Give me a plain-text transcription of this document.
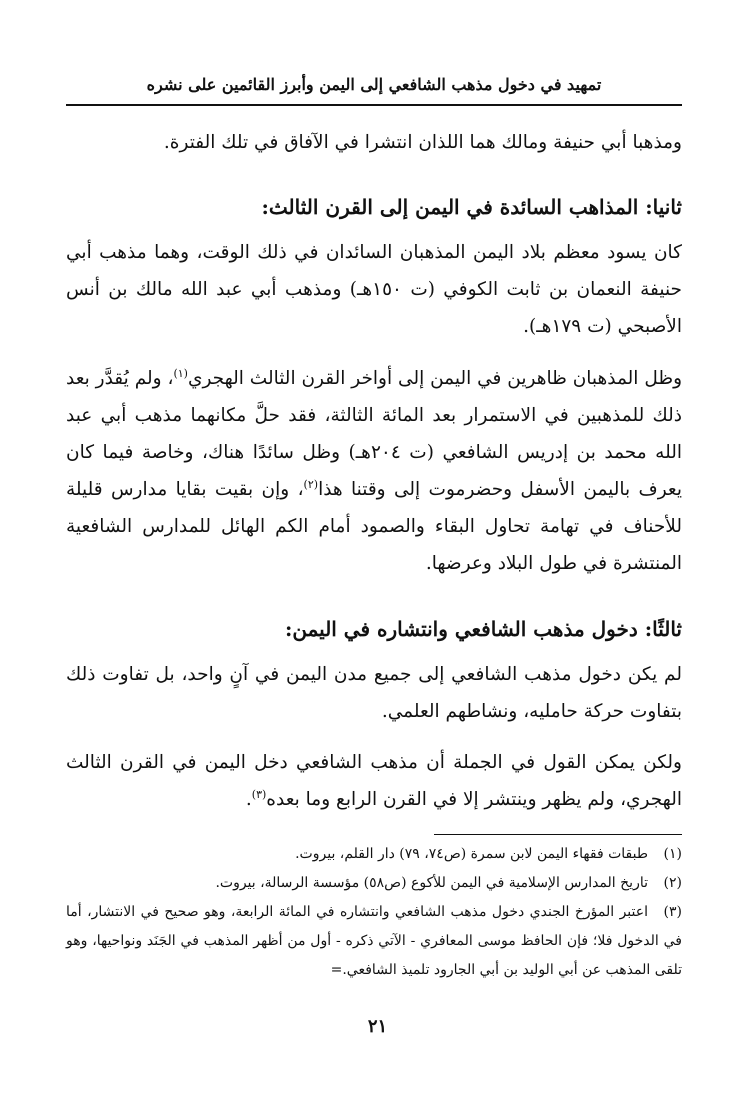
تمهيد في دخول مذهب الشافعي إلى اليمن وأبرز القائمين على نشره

ومذهبا أبي حنيفة ومالك هما اللذان انتشرا في الآفاق في تلك الفترة.

ثانيا: المذاهب السائدة في اليمن إلى القرن الثالث:

كان يسود معظم بلاد اليمن المذهبان السائدان في ذلك الوقت، وهما مذهب أبي حنيفة النعمان بن ثابت الكوفي (ت ١٥٠هـ) ومذهب أبي عبد الله مالك بن أنس الأصبحي (ت ١٧٩هـ).

وظل المذهبان ظاهرين في اليمن إلى أواخر القرن الثالث الهجري$^{(١)}$، ولم يُقدَّر بعد ذلك للمذهبين في الاستمرار بعد المائة الثالثة، فقد حلَّ مكانهما مذهب أبي عبد الله محمد بن إدريس الشافعي (ت ٢٠٤هـ) وظل سائدًا هناك، وخاصة فيما كان يعرف باليمن الأسفل وحضرموت إلى وقتنا هذا$^{(٢)}$، وإن بقيت بقايا مدارس قليلة للأحناف في تهامة تحاول البقاء والصمود أمام الكم الهائل للمدارس الشافعية المنتشرة في طول البلاد وعرضها.

ثالثًا: دخول مذهب الشافعي وانتشاره في اليمن:

لم يكن دخول مذهب الشافعي إلى جميع مدن اليمن في آنٍ واحد، بل تفاوت ذلك بتفاوت حركة حامليه، ونشاطهم العلمي.

ولكن يمكن القول في الجملة أن مذهب الشافعي دخل اليمن في القرن الثالث الهجري، ولم يظهر وينتشر إلا في القرن الرابع وما بعده$^{(٣)}$.

(١)طبقات فقهاء اليمن لابن سمرة (ص٧٤، ٧٩) دار القلم، بيروت.

(٢)تاريخ المدارس الإسلامية في اليمن للأكوع (ص٥٨) مؤسسة الرسالة، بيروت.

(٣)اعتبر المؤرخ الجندي دخول مذهب الشافعي وانتشاره في المائة الرابعة، وهو صحيح في الانتشار، أما في الدخول فلا؛ فإن الحافظ موسى المعافري - الآتي ذكره - أول من أظهر المذهب في الجَنَد ونواحيها، وهو تلقى المذهب عن أبي الوليد بن أبي الجارود تلميذ الشافعي.=

٢١
